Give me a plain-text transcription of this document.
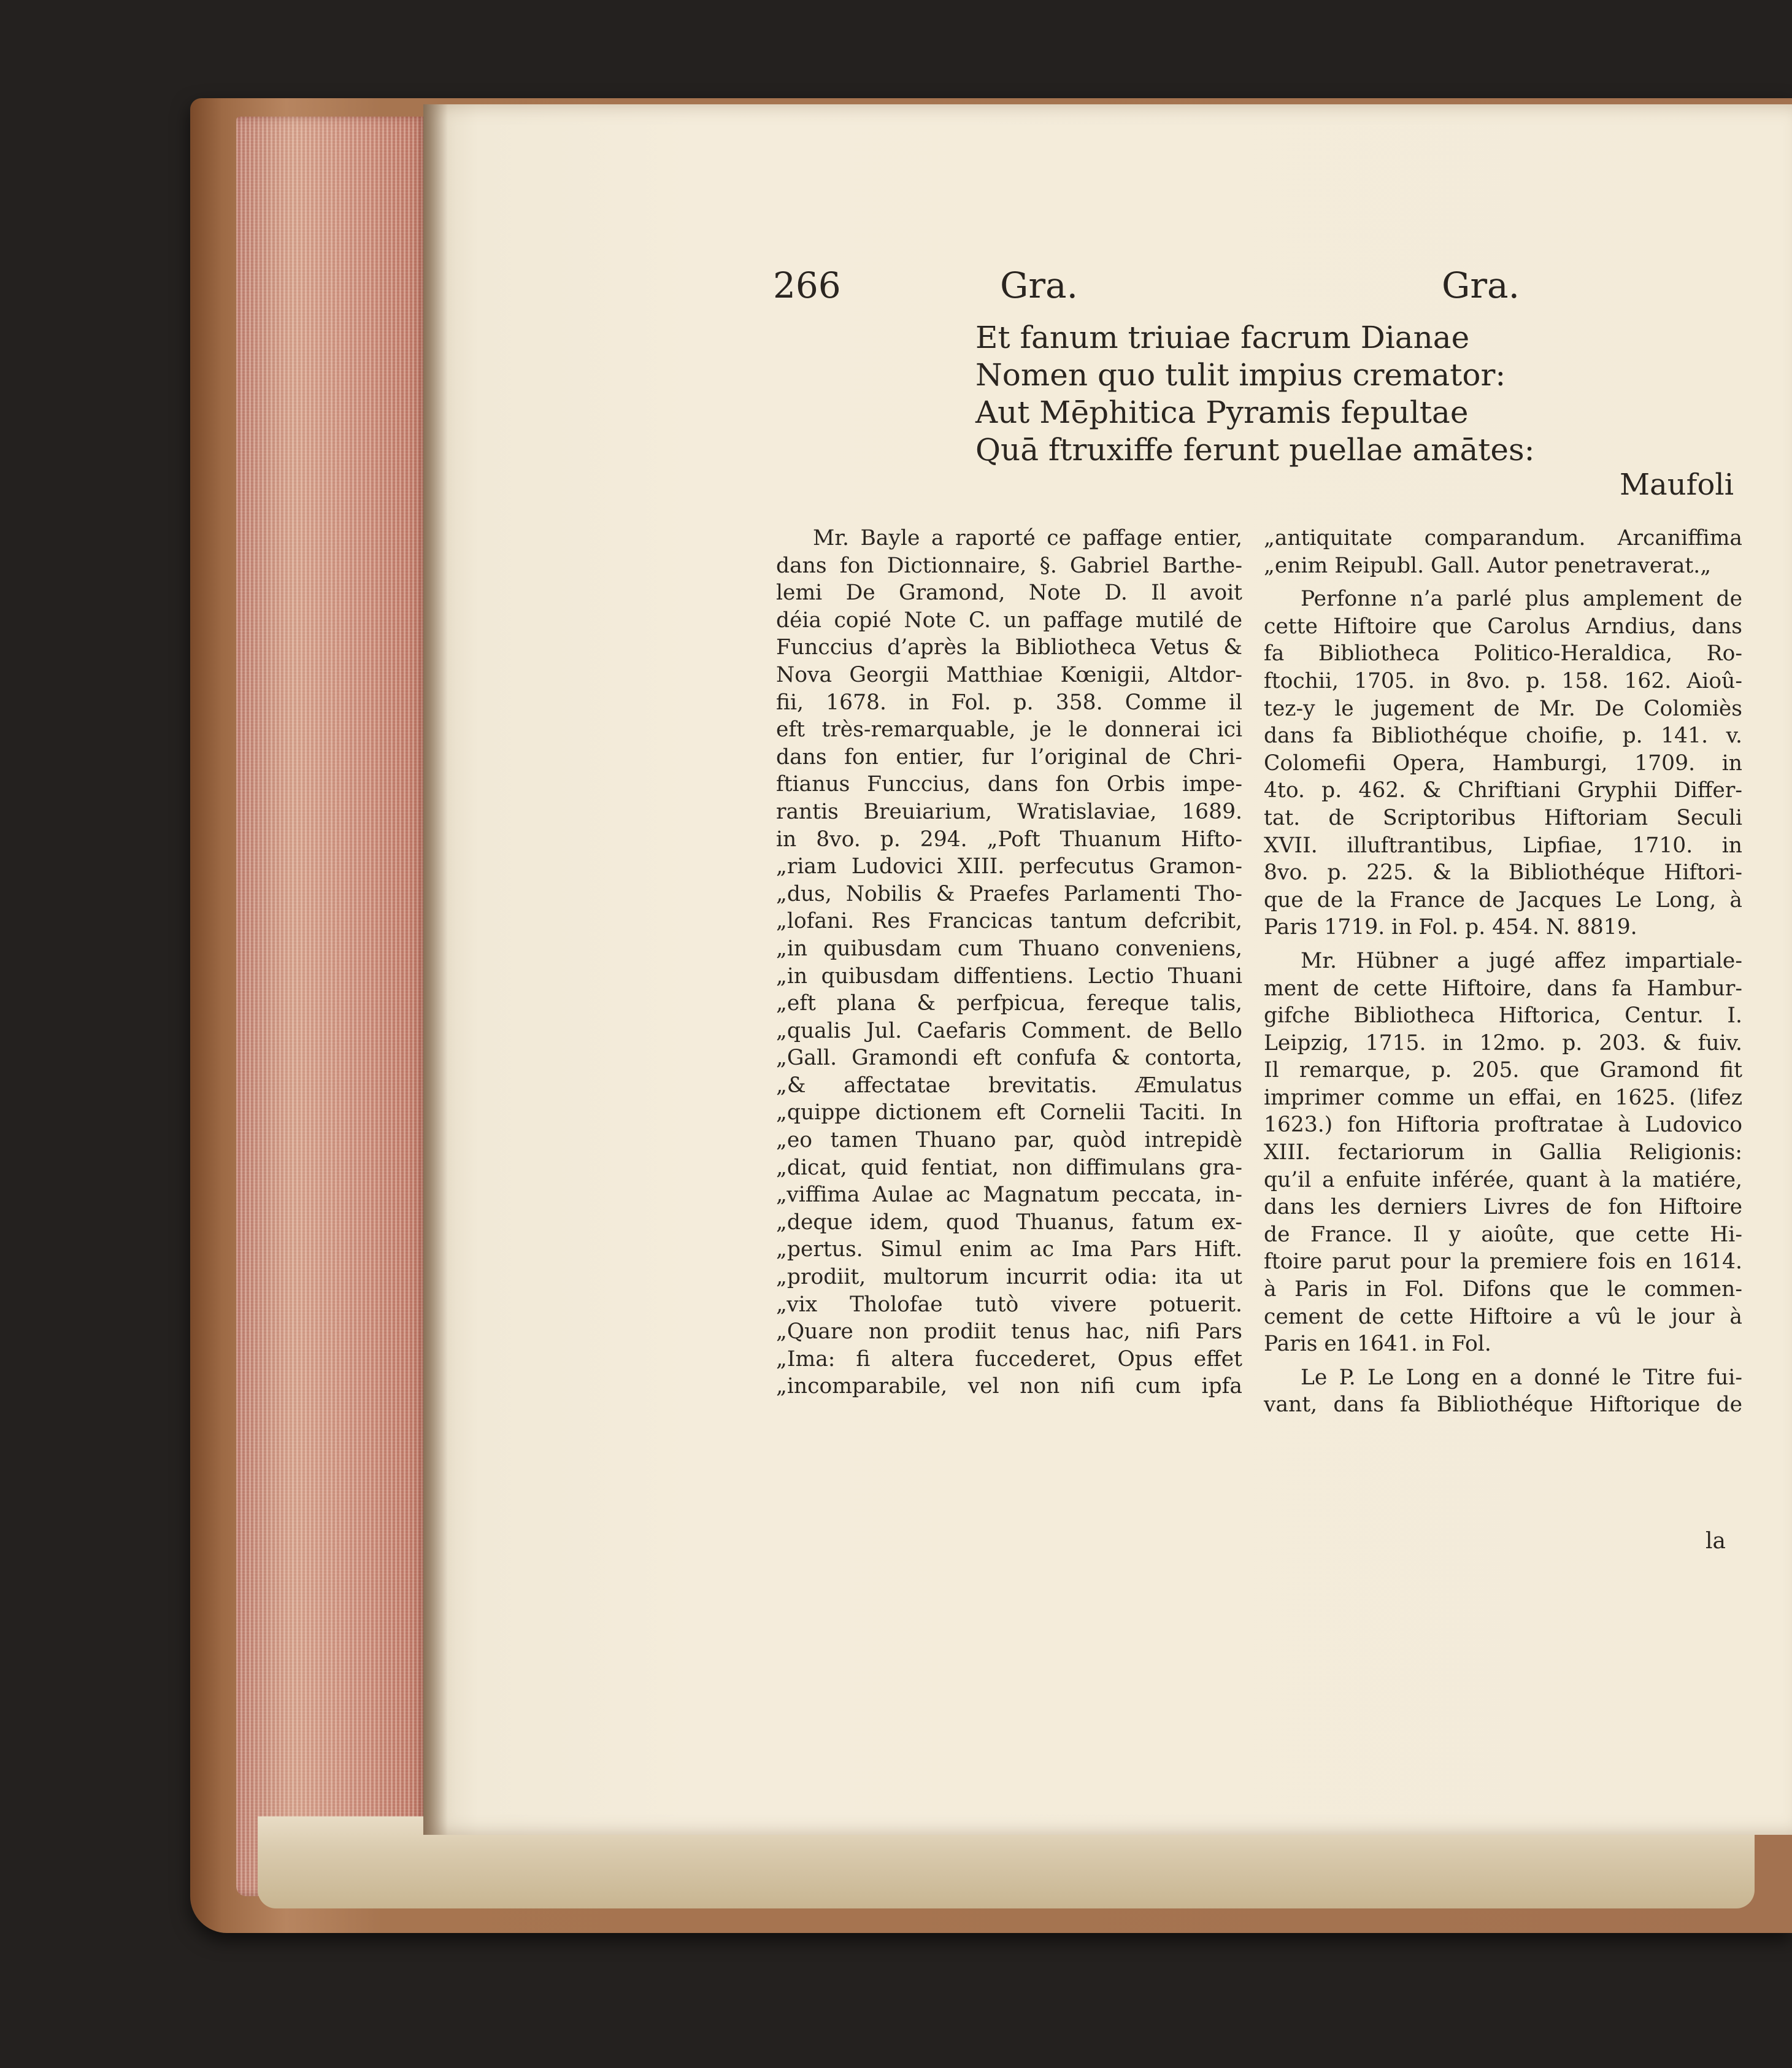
266	Gra.	Gra.
Et fanum triuiae facrum Dianae
Nomen quo tulit impius cremator:
Aut Mēphitica Pyramis fepultae
Quā ftruxiffe ferunt puellae amātes:
Maufoli

Mr. Bayle a raporté ce paffage entier,
dans fon Dictionnaire, §. Gabriel Barthe-
lemi De Gramond, Note D. Il avoit
déia copié Note C. un paffage mutilé de
Funccius d’après la Bibliotheca Vetus &
Nova Georgii Matthiae Kœnigii, Altdor-
fii, 1678. in Fol. p. 358. Comme il
eft très-remarquable, je le donnerai ici
dans fon entier, fur l’original de Chri-
ftianus Funccius, dans fon Orbis impe-
rantis Breuiarium, Wratislaviae, 1689.
in 8vo. p. 294. „Poft Thuanum Hifto-
„riam Ludovici XIII. perfecutus Gramon-
„dus, Nobilis & Praefes Parlamenti Tho-
„lofani. Res Francicas tantum defcribit,
„in quibusdam cum Thuano conveniens,
„in quibusdam diffentiens. Lectio Thuani
„eft plana & perfpicua, fereque talis,
„qualis Jul. Caefaris Comment. de Bello
„Gall. Gramondi eft confufa & contorta,
„& affectatae brevitatis. Æmulatus
„quippe dictionem eft Cornelii Taciti. In
„eo tamen Thuano par, quòd intrepidè
„dicat, quid fentiat, non diffimulans gra-
„viffima Aulae ac Magnatum peccata, in-
„deque idem, quod Thuanus, fatum ex-
„pertus. Simul enim ac Ima Pars Hift.
„prodiit, multorum incurrit odia: ita ut
„vix Tholofae tutò vivere potuerit.
„Quare non prodiit tenus hac, nifi Pars
„Ima: fi altera fuccederet, Opus effet
„incomparabile, vel non nifi cum ipfa

„antiquitate comparandum. Arcaniffima
„enim Reipubl. Gall. Autor penetraverat.„

Perfonne n’a parlé plus amplement de
cette Hiftoire que Carolus Arndius, dans
fa Bibliotheca Politico-Heraldica, Ro-
ftochii, 1705. in 8vo. p. 158. 162. Aioû-
tez-y le jugement de Mr. De Colomiès
dans fa Bibliothéque choifie, p. 141. v.
Colomefii Opera, Hamburgi, 1709. in
4to. p. 462. & Chriftiani Gryphii Differ-
tat. de Scriptoribus Hiftoriam Seculi
XVII. illuftrantibus, Lipfiae, 1710. in
8vo. p. 225. & la Bibliothéque Hiftori-
que de la France de Jacques Le Long, à
Paris 1719. in Fol. p. 454. N. 8819.

Mr. Hübner a jugé affez impartiale-
ment de cette Hiftoire, dans fa Hambur-
gifche Bibliotheca Hiftorica, Centur. I.
Leipzig, 1715. in 12mo. p. 203. & fuiv.
Il remarque, p. 205. que Gramond fit
imprimer comme un effai, en 1625. (lifez
1623.) fon Hiftoria proftratae à Ludovico
XIII. fectariorum in Gallia Religionis:
qu’il a enfuite inférée, quant à la matiére,
dans les derniers Livres de fon Hiftoire
de France. Il y aioûte, que cette Hi-
ftoire parut pour la premiere fois en 1614.
à Paris in Fol. Difons que le commen-
cement de cette Hiftoire a vû le jour à
Paris en 1641. in Fol.

Le P. Le Long en a donné le Titre fui-
vant, dans fa Bibliothéque Hiftorique de

la
